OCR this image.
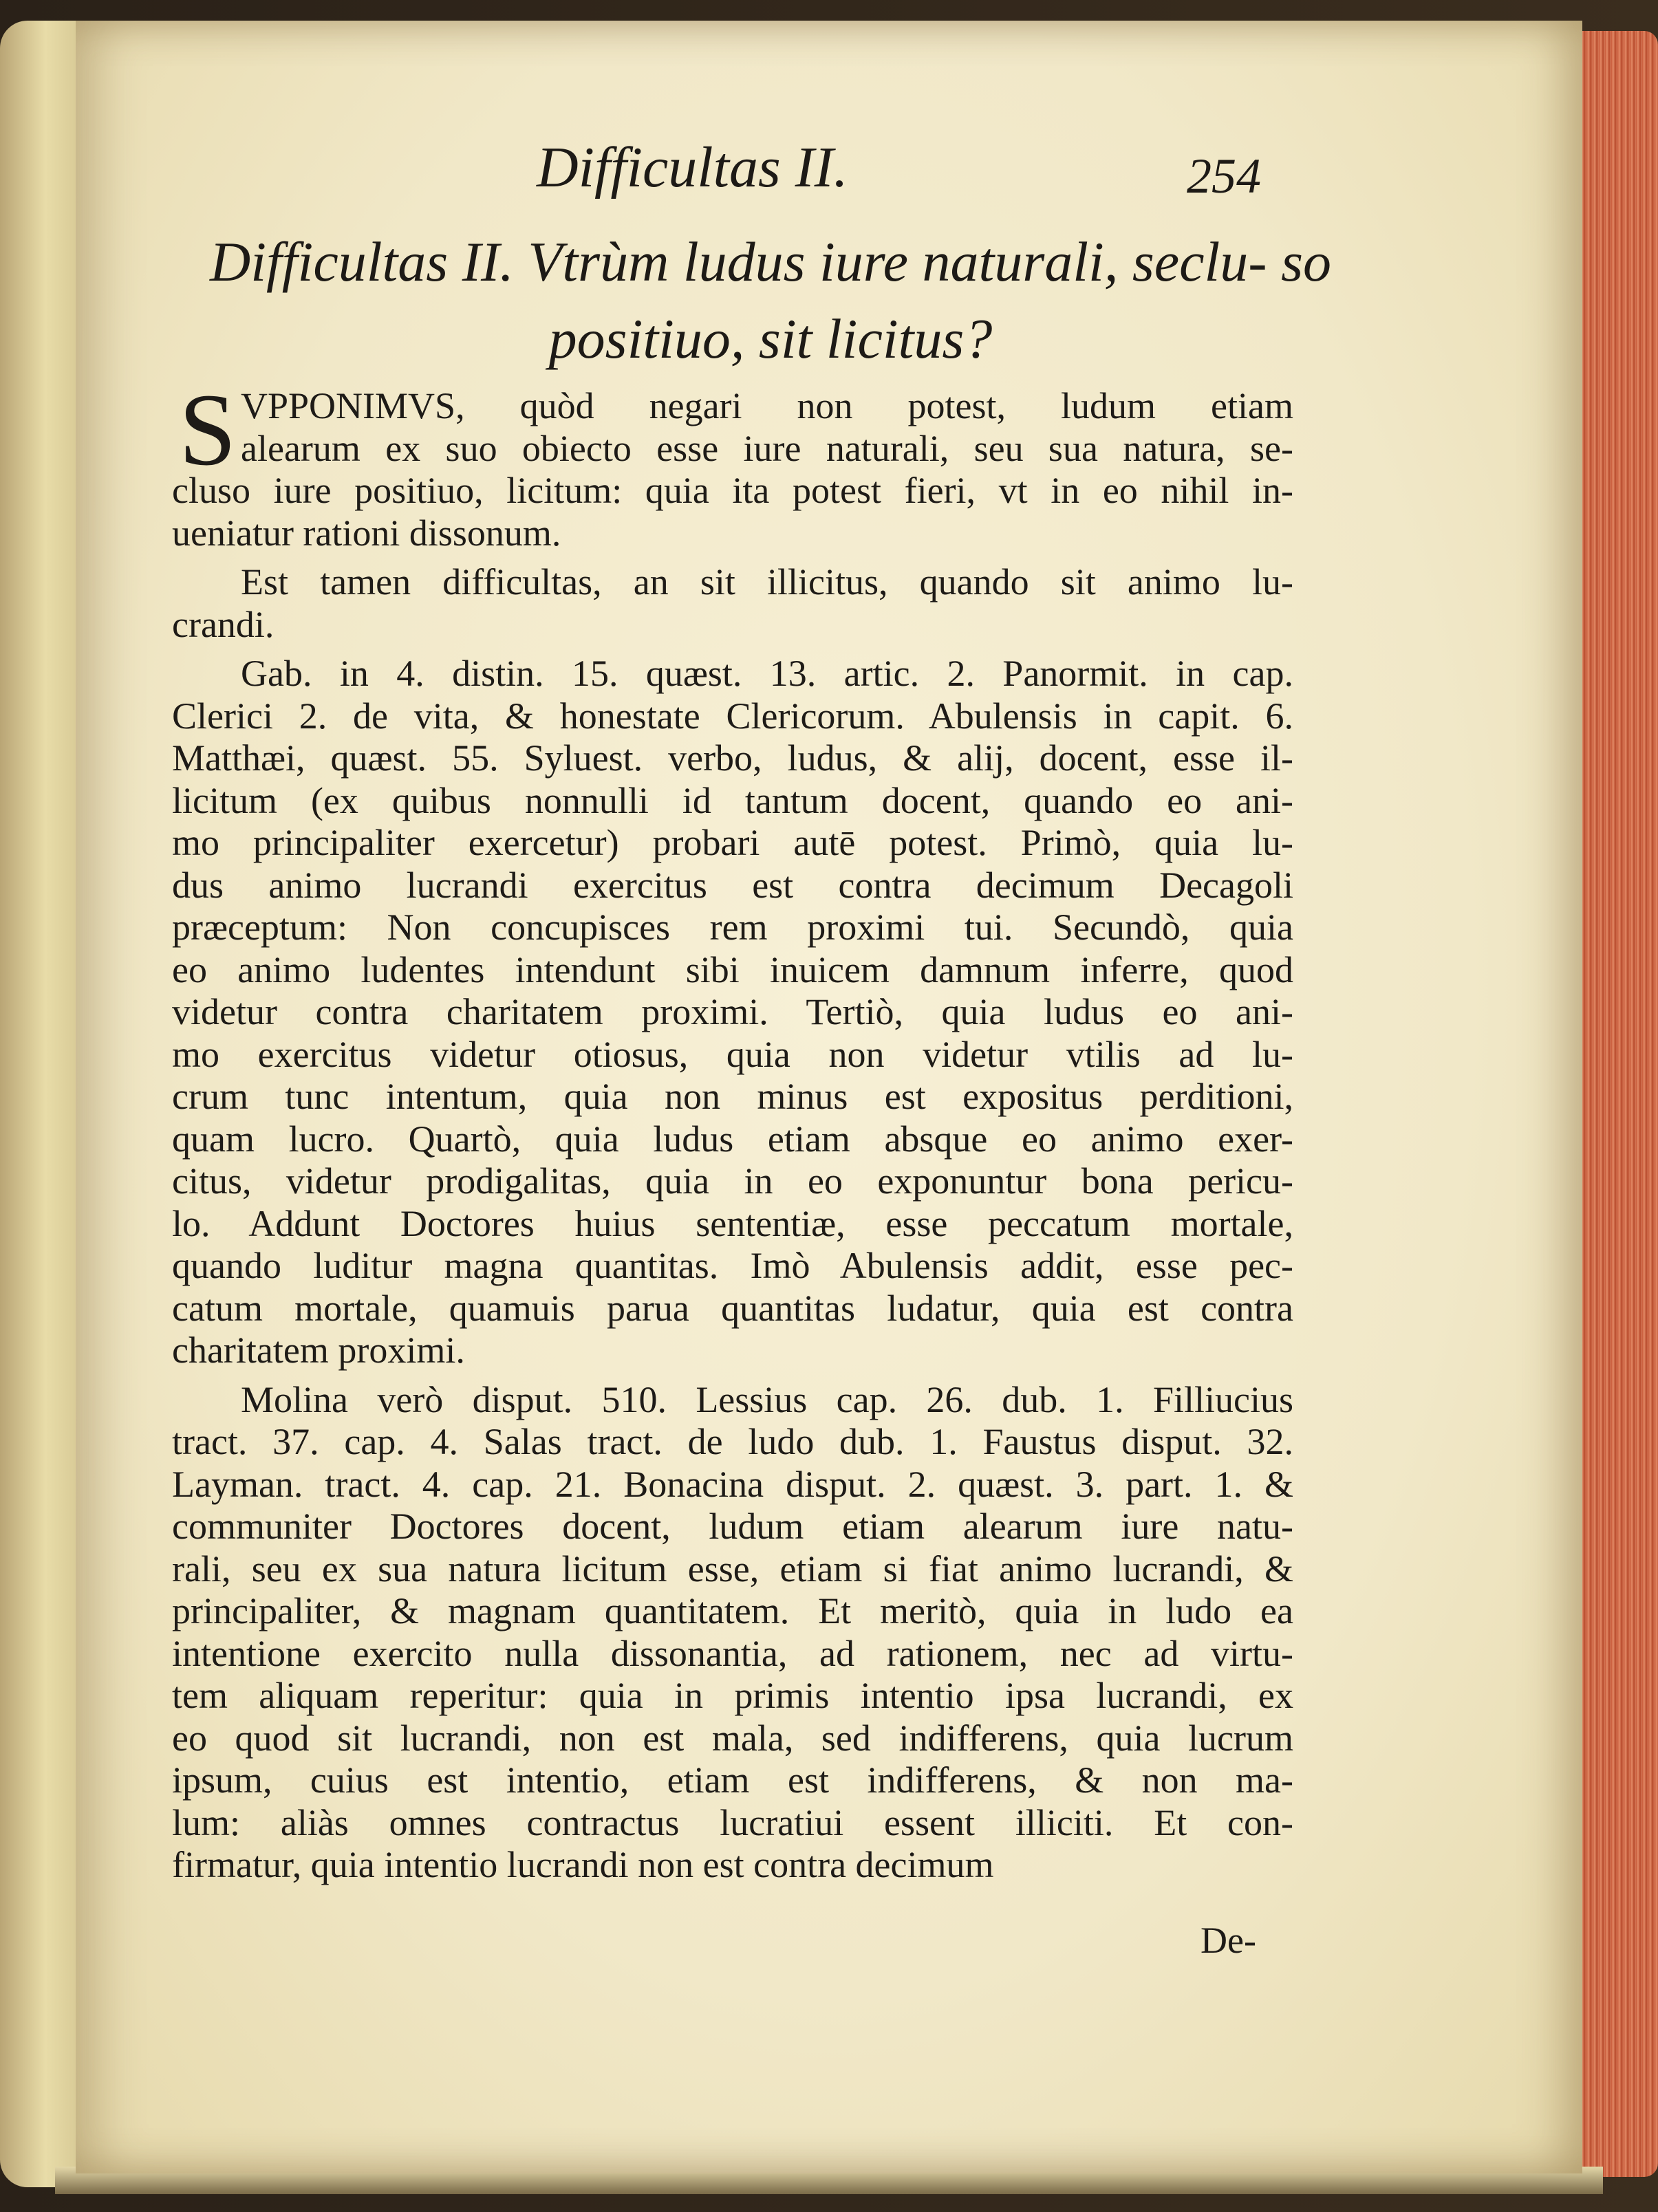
Difficultas II.	254
Difficultas II. Vtrùm ludus iure naturali, seclu- so positiuo, sit licitus?
S VPPONIMVS, quòd negari non potest, ludum etiam
alearum ex suo obiecto esse iure naturali, seu sua natura, se-
cluso iure positiuo, licitum: quia ita potest fieri, vt in eo nihil in-
ueniatur rationi dissonum.
Est tamen difficultas, an sit illicitus, quando sit animo lu-
crandi.
Gab. in 4. distin. 15. quæst. 13. artic. 2. Panormit. in cap.
Clerici 2. de vita, & honestate Clericorum. Abulensis in capit. 6.
Matthæi, quæst. 55. Syluest. verbo, ludus, & alij, docent, esse il-
licitum (ex quibus nonnulli id tantum docent, quando eo ani-
mo principaliter exercetur) probari autē potest. Primò, quia lu-
dus animo lucrandi exercitus est contra decimum Decagoli
præceptum: Non concupisces rem proximi tui. Secundò, quia
eo animo ludentes intendunt sibi inuicem damnum inferre, quod
videtur contra charitatem proximi. Tertiò, quia ludus eo ani-
mo exercitus videtur otiosus, quia non videtur vtilis ad lu-
crum tunc intentum, quia non minus est expositus perditioni,
quam lucro. Quartò, quia ludus etiam absque eo animo exer-
citus, videtur prodigalitas, quia in eo exponuntur bona pericu-
lo. Addunt Doctores huius sententiæ, esse peccatum mortale,
quando luditur magna quantitas. Imò Abulensis addit, esse pec-
catum mortale, quamuis parua quantitas ludatur, quia est contra
charitatem proximi.
Molina verò disput. 510. Lessius cap. 26. dub. 1. Filliucius
tract. 37. cap. 4. Salas tract. de ludo dub. 1. Faustus disput. 32.
Layman. tract. 4. cap. 21. Bonacina disput. 2. quæst. 3. part. 1. &
communiter Doctores docent, ludum etiam alearum iure natu-
rali, seu ex sua natura licitum esse, etiam si fiat animo lucrandi, &
principaliter, & magnam quantitatem. Et meritò, quia in ludo ea
intentione exercito nulla dissonantia, ad rationem, nec ad virtu-
tem aliquam reperitur: quia in primis intentio ipsa lucrandi, ex
eo quod sit lucrandi, non est mala, sed indifferens, quia lucrum
ipsum, cuius est intentio, etiam est indifferens, & non ma-
lum: aliàs omnes contractus lucratiui essent illiciti. Et con-
firmatur, quia intentio lucrandi non est contra decimum
De-
